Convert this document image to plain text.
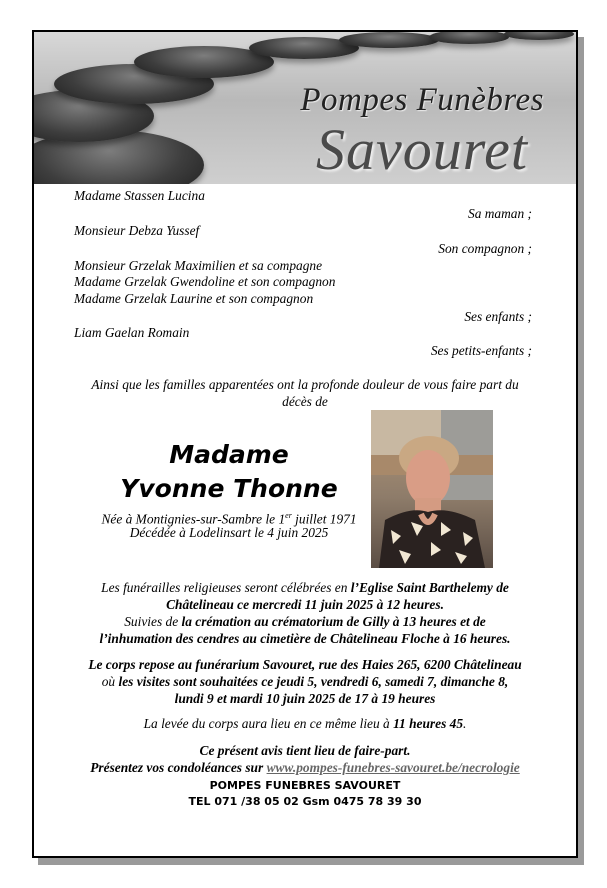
Pompes Funèbres
Savouret
Madame Stassen Lucina
Sa maman ;
Monsieur Debza Yussef
Son compagnon ;
Monsieur Grzelak Maximilien et sa compagne
Madame Grzelak Gwendoline et son compagnon
Madame Grzelak Laurine et son compagnon
Ses enfants ;
Liam Gaelan Romain
Ses petits-enfants ;
Ainsi que les familles apparentées ont la profonde douleur de vous faire part du
décès de
Madame
Yvonne Thonne
Née à Montignies-sur-Sambre le 1er juillet 1971
Décédée à Lodelinsart le 4 juin 2025
Les funérailles religieuses seront célébrées en l’Eglise Saint Barthelemy de
Châtelineau ce mercredi 11 juin 2025 à 12 heures.
Suivies de la crémation au crématorium de Gilly à 13 heures et de
l’inhumation des cendres au cimetière de Châtelineau Floche à 16 heures.
Le corps repose au funérarium Savouret, rue des Haies 265, 6200 Châtelineau
où les visites sont souhaitées ce jeudi 5, vendredi 6, samedi 7, dimanche 8,
lundi 9 et mardi 10 juin 2025 de 17 à 19 heures
La levée du corps aura lieu en ce même lieu à 11 heures 45.
Ce présent avis tient lieu de faire-part.
Présentez vos condoléances sur www.pompes-funebres-savouret.be/necrologie
POMPES FUNEBRES SAVOURET
TEL 071 /38 05 02 Gsm 0475 78 39 30
